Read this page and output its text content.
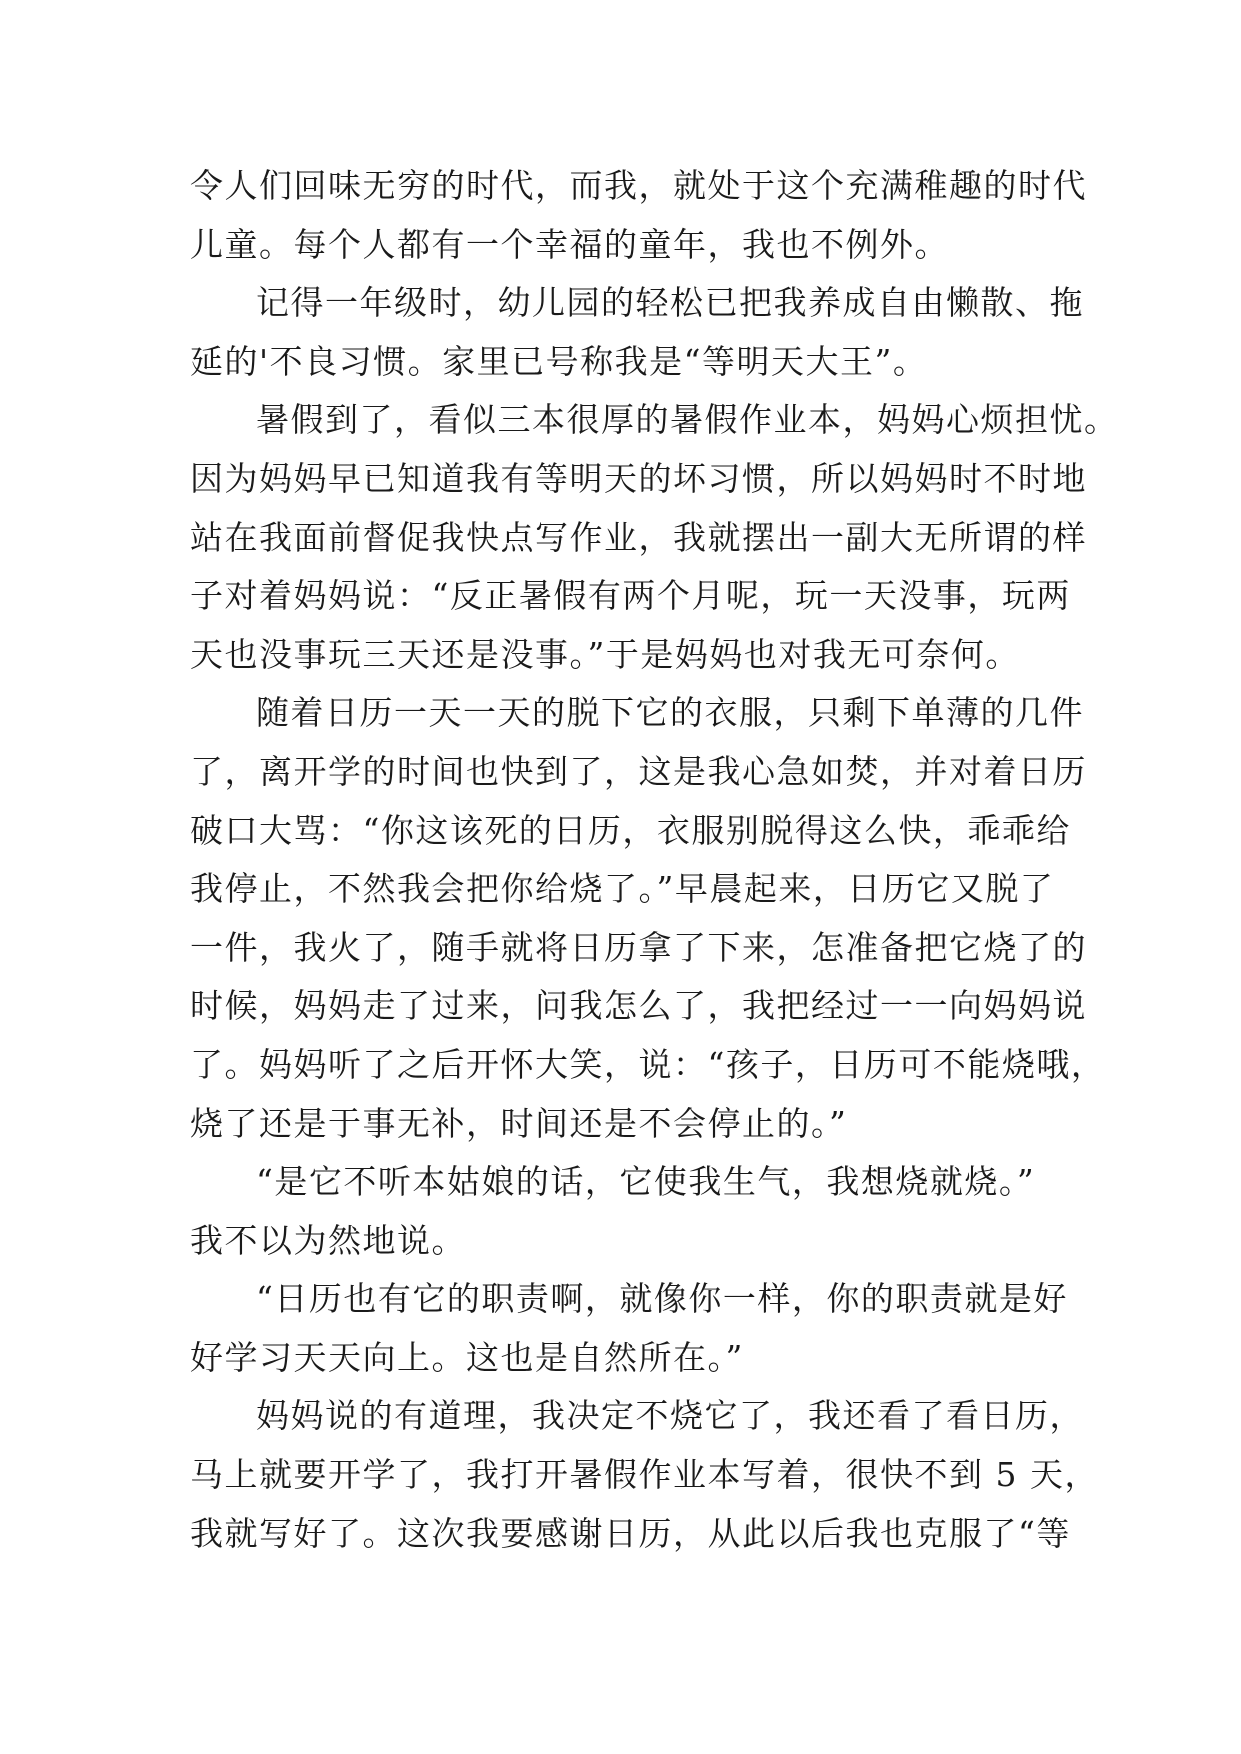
令人们回味无穷的时代，而我，就处于这个充满稚趣的时代
儿童。每个人都有一个幸福的童年，我也不例外。
记得一年级时，幼儿园的轻松已把我养成自由懒散、拖
延的'不良习惯。家里已号称我是“等明天大王”。
暑假到了，看似三本很厚的暑假作业本，妈妈心烦担忧。
因为妈妈早已知道我有等明天的坏习惯，所以妈妈时不时地
站在我面前督促我快点写作业，我就摆出一副大无所谓的样
子对着妈妈说：“反正暑假有两个月呢，玩一天没事，玩两
天也没事玩三天还是没事。”于是妈妈也对我无可奈何。
随着日历一天一天的脱下它的衣服，只剩下单薄的几件
了，离开学的时间也快到了，这是我心急如焚，并对着日历
破口大骂：“你这该死的日历，衣服别脱得这么快，乖乖给
我停止，不然我会把你给烧了。”早晨起来，日历它又脱了
一件，我火了，随手就将日历拿了下来，怎准备把它烧了的
时候，妈妈走了过来，问我怎么了，我把经过一一向妈妈说
了。妈妈听了之后开怀大笑，说：“孩子，日历可不能烧哦，
烧了还是于事无补，时间还是不会停止的。”
“是它不听本姑娘的话，它使我生气，我想烧就烧。”
我不以为然地说。
“日历也有它的职责啊，就像你一样，你的职责就是好
好学习天天向上。这也是自然所在。”
妈妈说的有道理，我决定不烧它了，我还看了看日历，
马上就要开学了，我打开暑假作业本写着，很快不到 5 天，
我就写好了。这次我要感谢日历，从此以后我也克服了“等
